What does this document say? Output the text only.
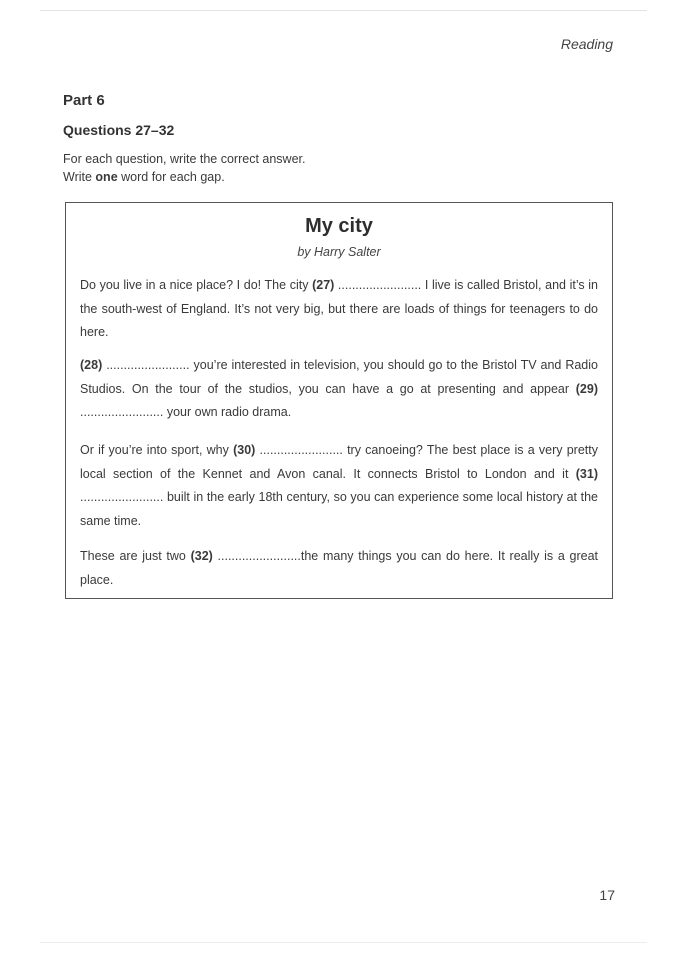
Reading
Part 6
Questions 27–32
For each question, write the correct answer.
Write one word for each gap.
My city
by Harry Salter
Do you live in a nice place? I do! The city (27) ........................ I live is called Bristol, and it’s in the south-west of England. It’s not very big, but there are loads of things for teenagers to do here.
(28) ........................ you’re interested in television, you should go to the Bristol TV and Radio Studios. On the tour of the studios, you can have a go at presenting and appear (29) ........................ your own radio drama.
Or if you’re into sport, why (30) ........................ try canoeing? The best place is a very pretty local section of the Kennet and Avon canal. It connects Bristol to London and it (31) ........................ built in the early 18th century, so you can experience some local history at the same time.
These are just two (32) ........................the many things you can do here. It really is a great place.
17
